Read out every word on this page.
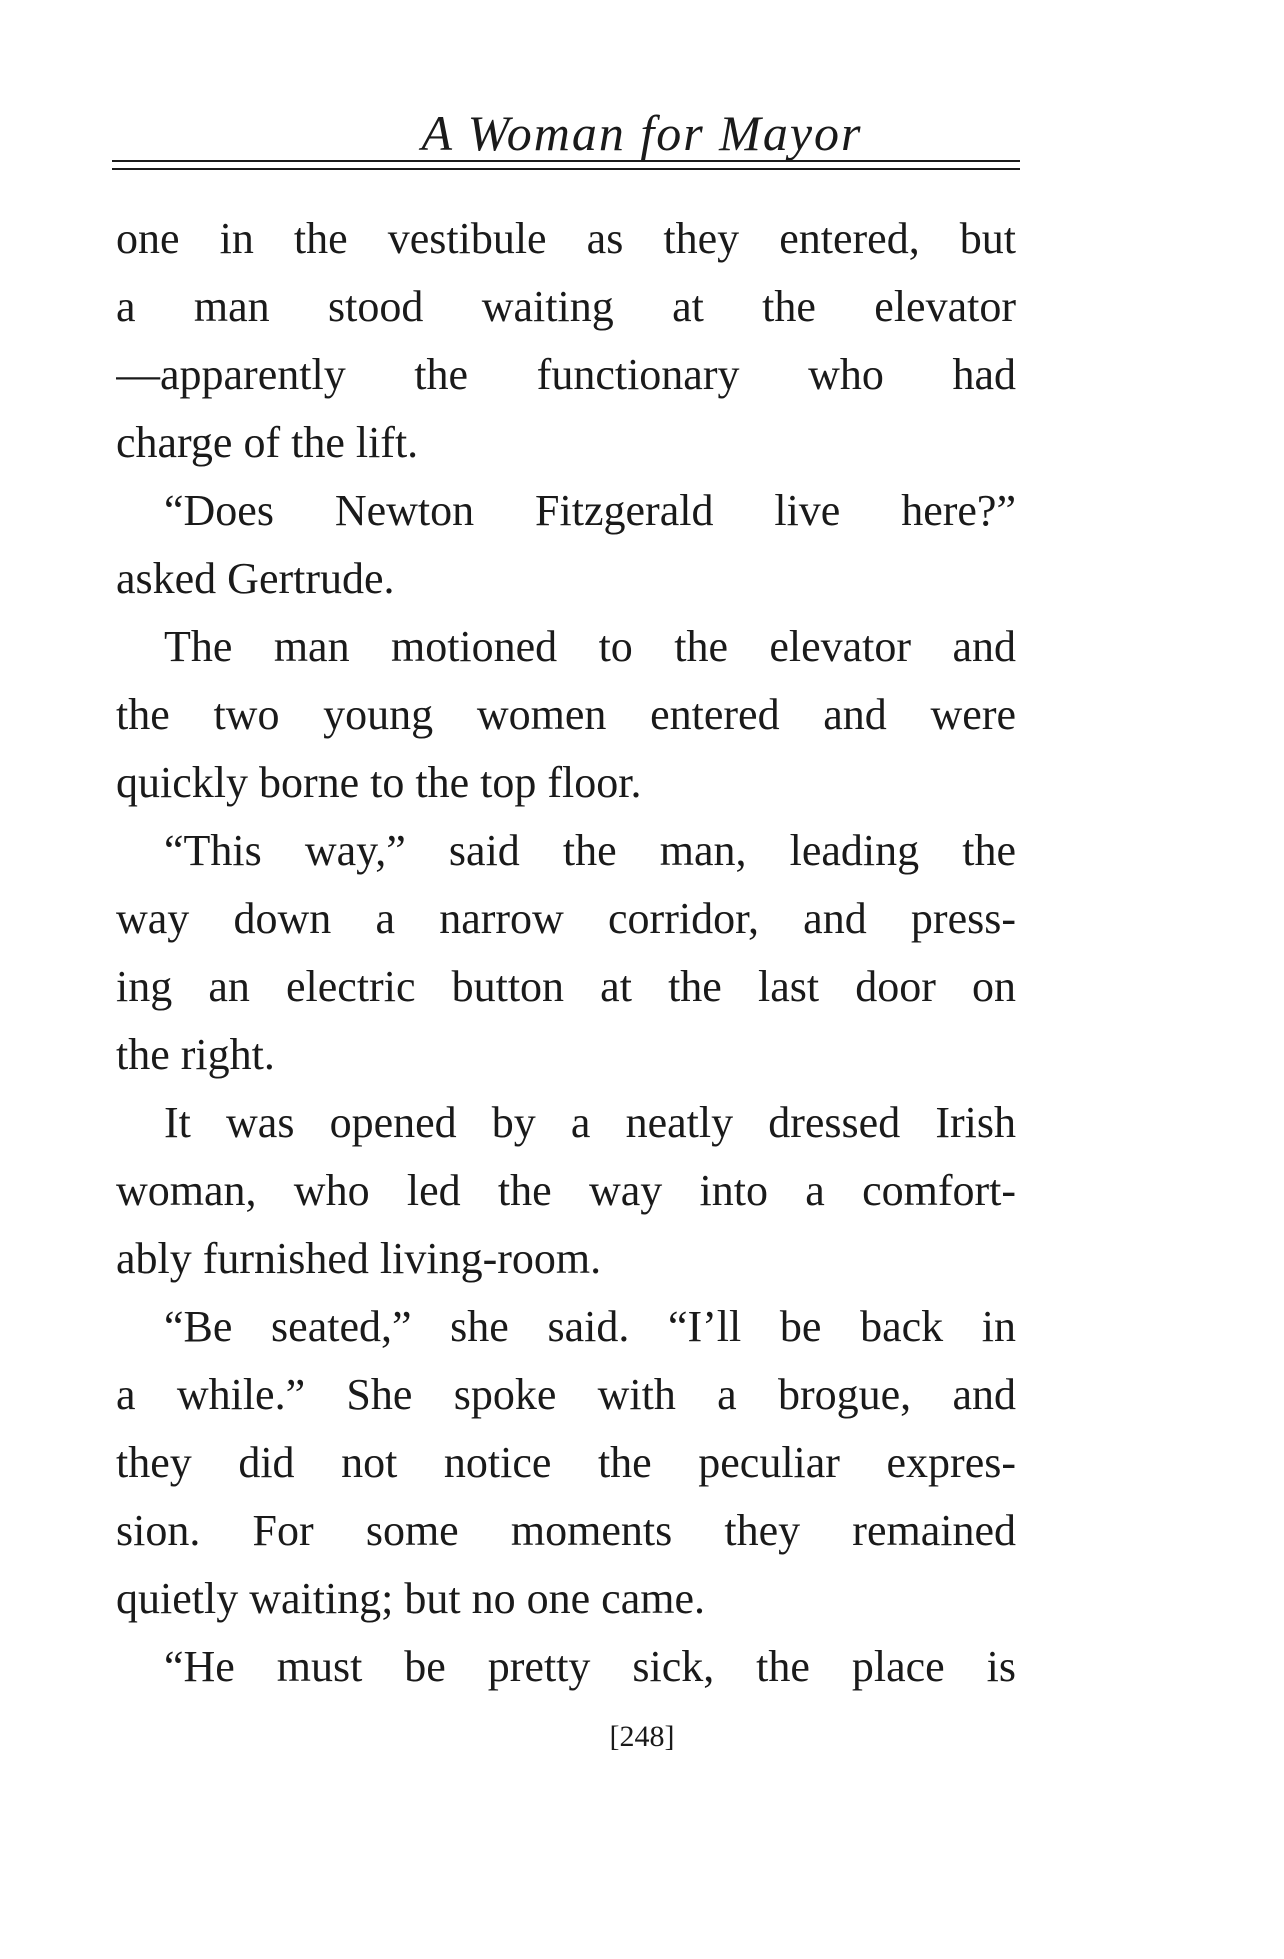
A Woman for Mayor
one in the vestibule as they entered, but
a man stood waiting at the elevator
—apparently the functionary who had
charge of the lift.
“Does Newton Fitzgerald live here?”
asked Gertrude.
The man motioned to the elevator and
the two young women entered and were
quickly borne to the top floor.
“This way,” said the man, leading the
way down a narrow corridor, and press-
ing an electric button at the last door on
the right.
It was opened by a neatly dressed Irish
woman, who led the way into a comfort-
ably furnished living-room.
“Be seated,” she said. “I’ll be back in
a while.” She spoke with a brogue, and
they did not notice the peculiar expres-
sion. For some moments they remained
quietly waiting; but no one came.
“He must be pretty sick, the place is
[248]
